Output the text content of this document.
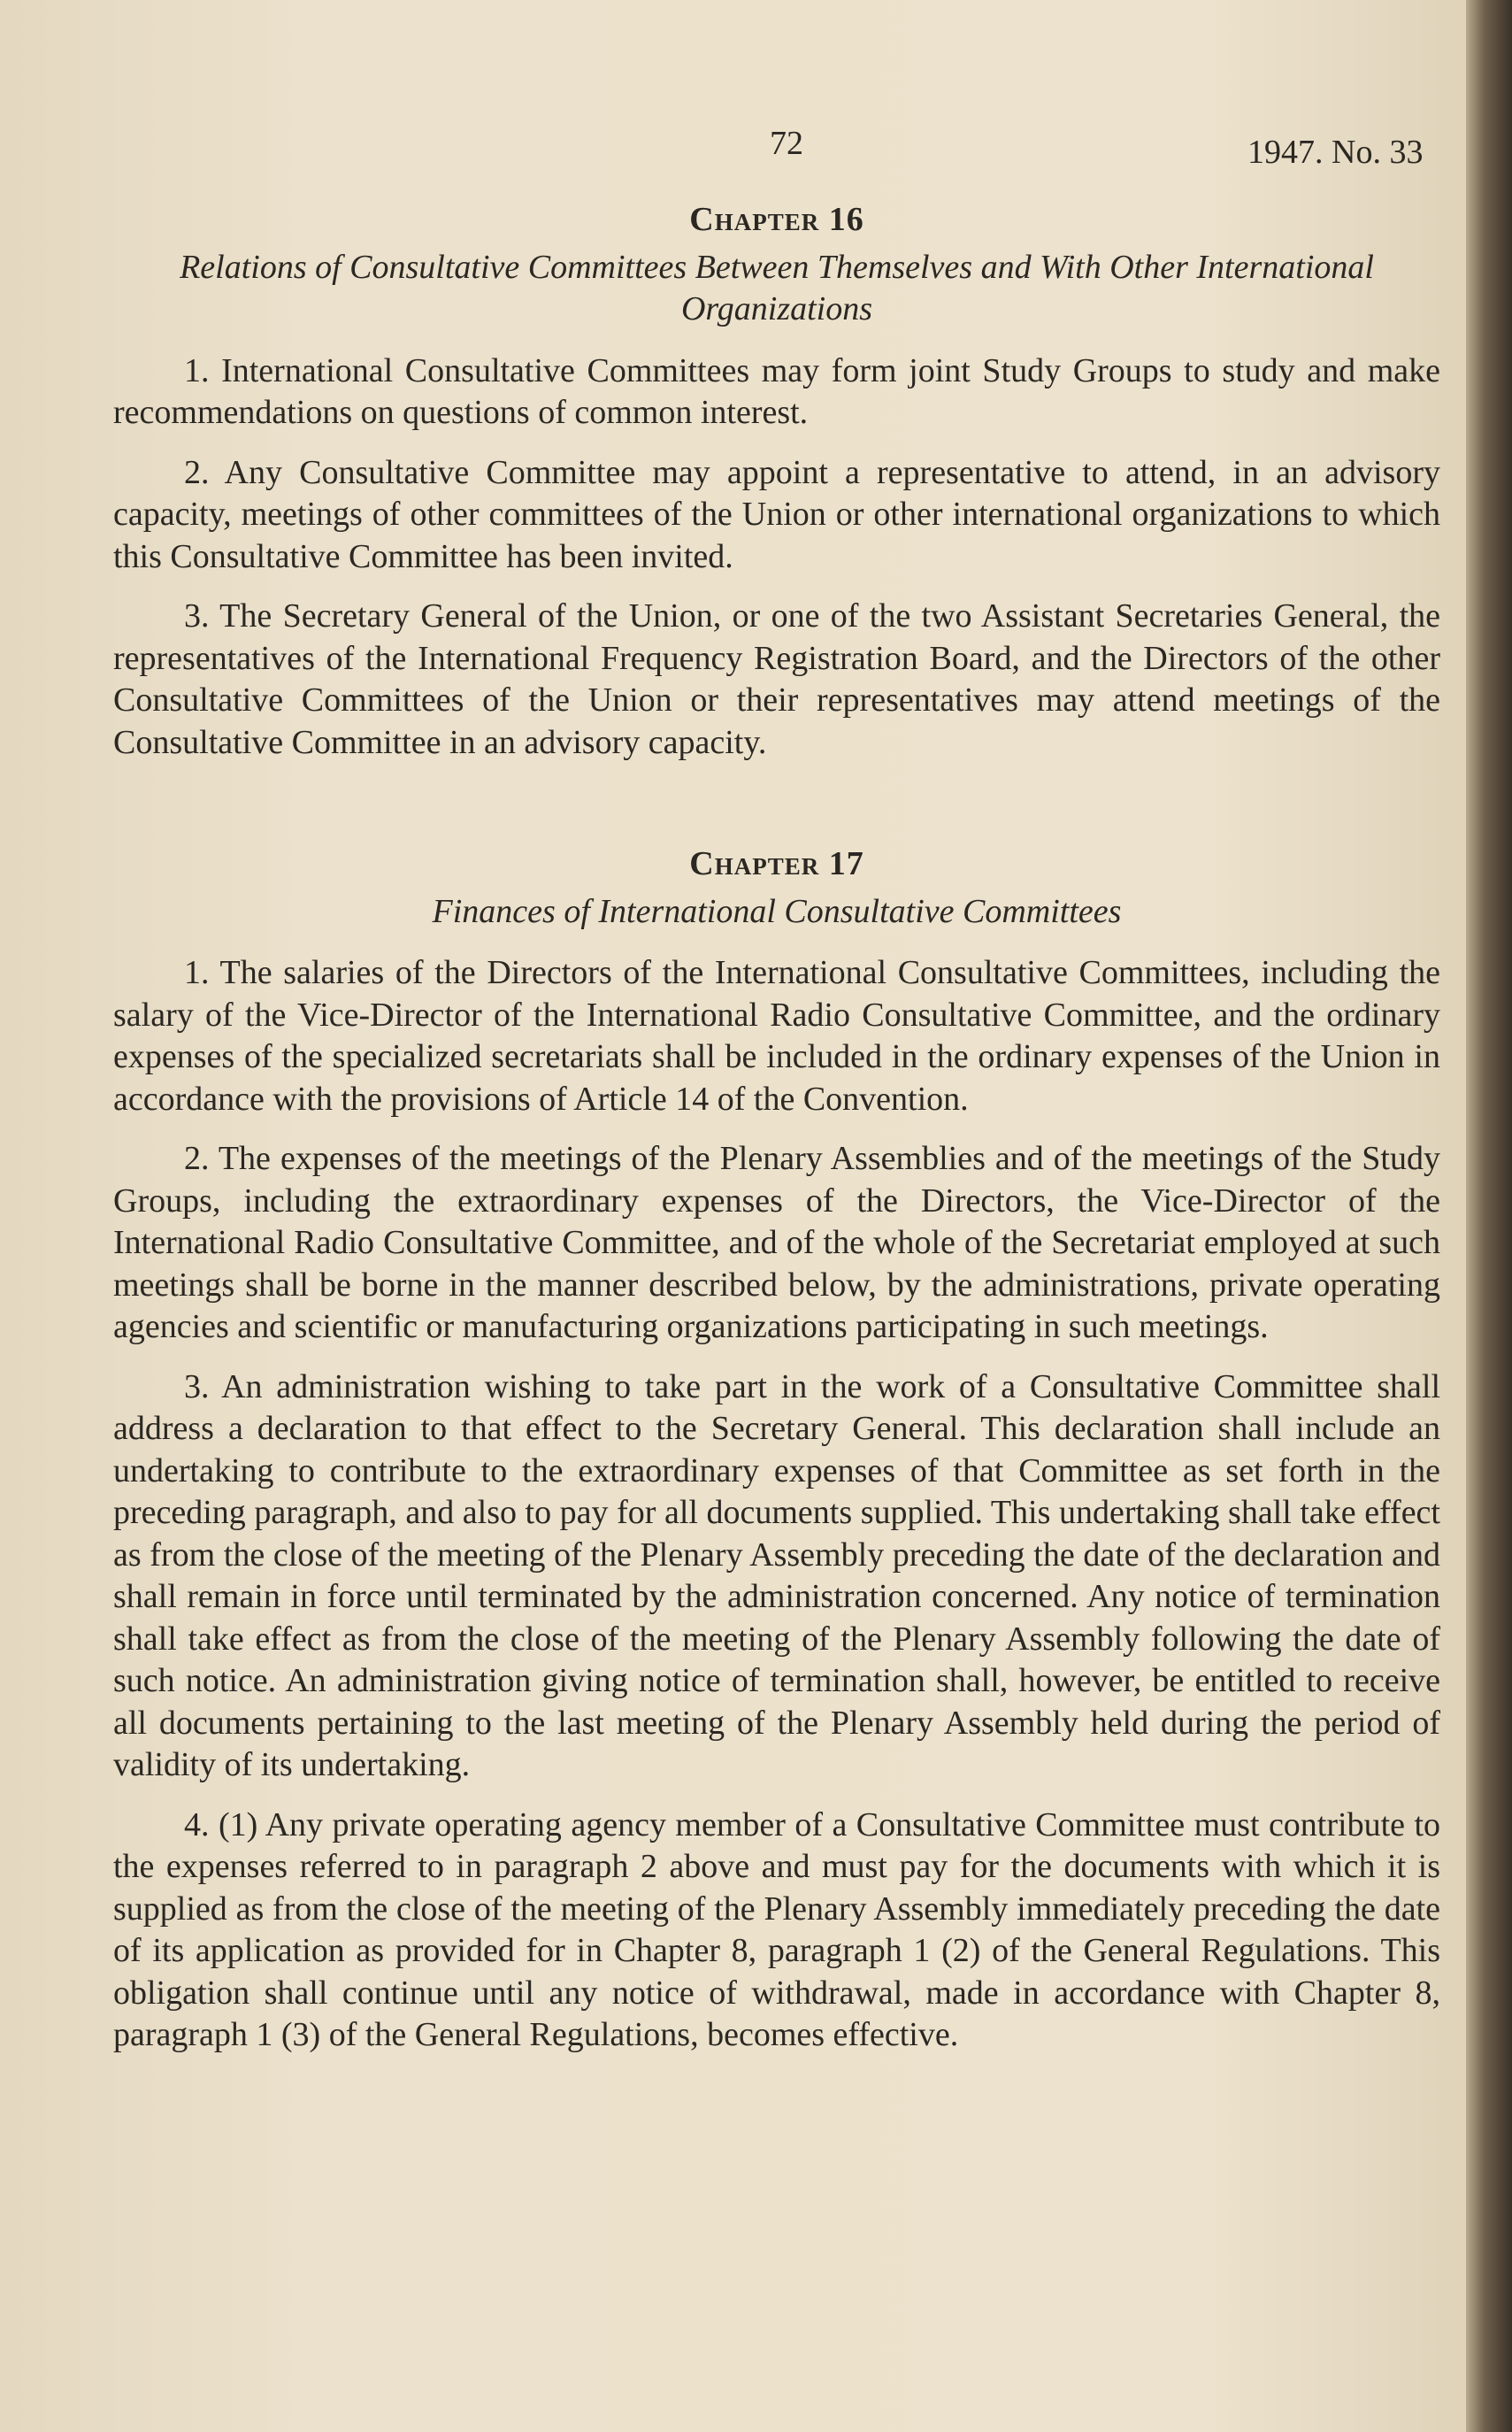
72	1947. No. 33
Chapter 16
Relations of Consultative Committees Between Themselves and With Other International Organizations

1. International Consultative Committees may form joint Study Groups to study and make recommendations on questions of common interest.

2. Any Consultative Committee may appoint a representative to attend, in an advisory capacity, meetings of other committees of the Union or other international organizations to which this Consultative Committee has been invited.

3. The Secretary General of the Union, or one of the two Assistant Secretaries General, the representatives of the International Frequency Registration Board, and the Directors of the other Consultative Committees of the Union or their representatives may attend meetings of the Consultative Committee in an advisory capacity.

Chapter 17
Finances of International Consultative Committees

1. The salaries of the Directors of the International Consultative Committees, including the salary of the Vice-Director of the International Radio Consultative Committee, and the ordinary expenses of the specialized secretariats shall be included in the ordinary expenses of the Union in accordance with the provisions of Article 14 of the Convention.

2. The expenses of the meetings of the Plenary Assemblies and of the meetings of the Study Groups, including the extraordinary expenses of the Directors, the Vice-Director of the International Radio Consultative Committee, and of the whole of the Secretariat employed at such meetings shall be borne in the manner described below, by the administrations, private operating agencies and scientific or manufacturing organizations participating in such meetings.

3. An administration wishing to take part in the work of a Consultative Committee shall address a declaration to that effect to the Secretary General. This declaration shall include an undertaking to contribute to the extraordinary expenses of that Committee as set forth in the preceding paragraph, and also to pay for all documents supplied. This undertaking shall take effect as from the close of the meeting of the Plenary Assembly preceding the date of the declaration and shall remain in force until terminated by the administration concerned. Any notice of termination shall take effect as from the close of the meeting of the Plenary Assembly following the date of such notice. An administration giving notice of termination shall, however, be entitled to receive all documents pertaining to the last meeting of the Plenary Assembly held during the period of validity of its undertaking.

4. (1) Any private operating agency member of a Consultative Committee must contribute to the expenses referred to in paragraph 2 above and must pay for the documents with which it is supplied as from the close of the meeting of the Plenary Assembly immediately preceding the date of its application as provided for in Chapter 8, paragraph 1 (2) of the General Regulations. This obligation shall continue until any notice of withdrawal, made in accordance with Chapter 8, paragraph 1 (3) of the General Regulations, becomes effective.
